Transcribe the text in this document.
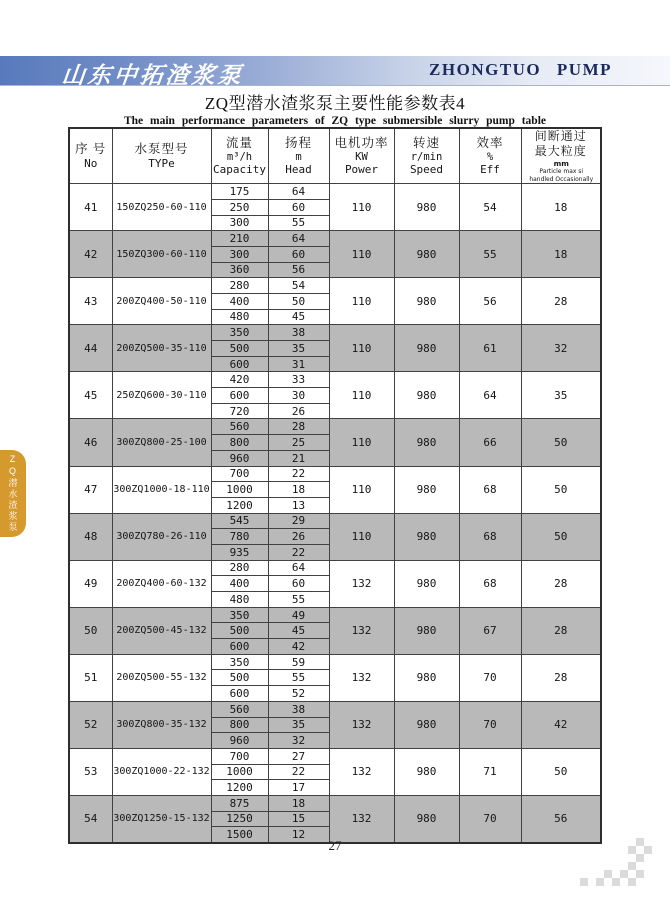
山东中拓渣浆泵	ZHONGTUO PUMP
ZQ型潜水渣浆泵主要性能参数表4
The main performance parameters of ZQ type submersible slurry pump table
序 号
No

水泵型号
TYPe

流量
m³/h
Capacity

扬程
m
Head

电机功率
KW
Power

转速
r/min
Speed

效率
%
Eff

间断通过
最大粒度
mm
Particle max si
handled Occasionally

41	150ZQ250-60-110	175	64	110	980	54	18
		250	60				
		300	55				
42	150ZQ300-60-110	210	64	110	980	55	18
		300	60				
		360	56				
43	200ZQ400-50-110	280	54	110	980	56	28
		400	50				
		480	45				
44	200ZQ500-35-110	350	38	110	980	61	32
		500	35				
		600	31				
45	250ZQ600-30-110	420	33	110	980	64	35
		600	30				
		720	26				
46	300ZQ800-25-100	560	28	110	980	66	50
		800	25				
		960	21				
47	300ZQ1000-18-110	700	22	110	980	68	50
		1000	18				
		1200	13				
48	300ZQ780-26-110	545	29	110	980	68	50
		780	26				
		935	22				
49	200ZQ400-60-132	280	64	132	980	68	28
		400	60				
		480	55				
50	200ZQ500-45-132	350	49	132	980	67	28
		500	45				
		600	42				
51	200ZQ500-55-132	350	59	132	980	70	28
		500	55				
		600	52				
52	300ZQ800-35-132	560	38	132	980	70	42
		800	35				
		960	32				
53	300ZQ1000-22-132	700	27	132	980	71	50
		1000	22				
		1200	17				
54	300ZQ1250-15-132	875	18	132	980	70	56
		1250	15				
		1500	12				
ZQ潜水渣浆泵
27
